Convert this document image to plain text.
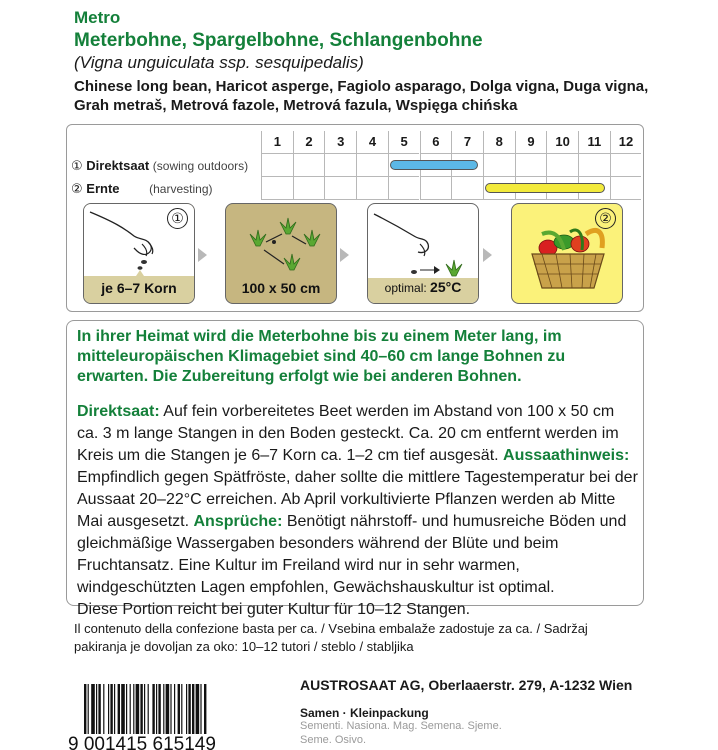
Metro
Meterbohne, Spargelbohne, Schlangenbohne
(Vigna unguiculata ssp. sesquipedalis)
Chinese long bean, Haricot asperge, Fagiolo asparago, Dolga vigna, Duga vigna, Grah metraš, Metrová fazole, Metrová fazula, Wspięga chińska
1	2	3	4	5	6	7	8	9	10	11	12
① Direktsaat (sowing outdoors)
② Ernte (harvesting)
①
je 6–7 Korn	100 x 50 cm	optimal: 25°C
②
In ihrer Heimat wird die Meterbohne bis zu einem Meter lang, im mitteleuropäischen Klimagebiet sind 40–60 cm lange Bohnen zu erwarten. Die Zubereitung erfolgt wie bei anderen Bohnen.
Direktsaat: Auf fein vorbereitetes Beet werden im Abstand von 100 x 50 cm ca. 3 m lange Stangen in den Boden gesteckt. Ca. 20 cm entfernt werden im Kreis um die Stangen je 6–7 Korn ca. 1–2 cm tief ausgesät. Aussaathinweis: Empfindlich gegen Spätfröste, daher sollte die mittlere Tagestemperatur bei der Aussaat 20–22°C erreichen. Ab April vorkultivierte Pflanzen werden ab Mitte Mai ausgesetzt. Ansprüche: Benötigt nährstoff- und humusreiche Böden und gleichmäßige Wassergaben besonders während der Blüte und beim Fruchtansatz. Eine Kultur im Freiland wird nur in sehr warmen, windgeschützten Lagen empfohlen, Gewächshauskultur ist optimal.
Diese Portion reicht bei guter Kultur für 10–12 Stangen.
Il contenuto della confezione basta per ca. / Vsebina embalaže zadostuje za ca. / Sadržaj pakiranja je dovoljan za oko: 10–12 tutori / steblo / stabljika
9 001415 615149
AUSTROSAAT AG, Oberlaaerstr. 279, A-1232 Wien
Samen · Kleinpackung
Sementi. Nasiona. Mag. Semena. Sjeme. Seme. Osivo.
